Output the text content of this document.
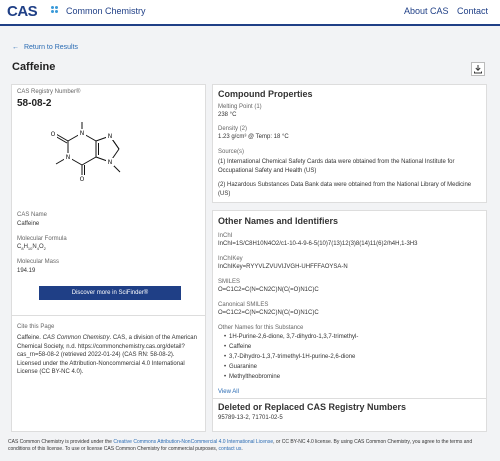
CAS	Common Chemistry	About CAS Contact
← Return to Results
Caffeine
CAS Registry Number®
58-08-2
O	N
N
N
N
O
CAS Name
Caffeine
Molecular Formula
$C_8H_{10}N_4O_2$
Molecular Mass
194.19
Discover more in SciFinder®
Cite this Page
Caffeine. CAS Common Chemistry. CAS, a division of the American Chemical Society, n.d. https://commonchemistry.cas.org/detail?cas_rn=58-08-2 (retrieved 2022-01-24) (CAS RN: 58-08-2). Licensed under the Attribution-Noncommercial 4.0 International License (CC BY-NC 4.0).
Compound Properties
Melting Point (1)
238 °C
Density (2)
1.23 g/cm³ @ Temp: 18 °C
Source(s)
(1) International Chemical Safety Cards data were obtained from the National Institute for Occupational Safety and Health (US)
(2) Hazardous Substances Data Bank data were obtained from the National Library of Medicine (US)
Other Names and Identifiers
InChI
InChI=1S/C8H10N4O2/c1-10-4-9-6-5(10)7(13)12(3)8(14)11(6)2/h4H,1-3H3
InChIKey
InChIKey=RYYVLZVUVIJVGH-UHFFFAOYSA-N
SMILES
O=C1C2=C(N=CN2C)N(C(=O)N1C)C
Canonical SMILES
O=C1C2=C(N=CN2C)N(C(=O)N1C)C
Other Names for this Substance
• 1H-Purine-2,6-dione, 3,7-dihydro-1,3,7-trimethyl-
• Caffeine
• 3,7-Dihydro-1,3,7-trimethyl-1H-purine-2,6-dione
• Guaranine
• Methyltheobromine
View All
Deleted or Replaced CAS Registry Numbers
95789-13-2, 71701-02-5
CAS Common Chemistry is provided under the Creative Commons Attribution-NonCommercial 4.0 International License, or CC BY-NC 4.0 license. By using CAS Common Chemistry, you agree to the terms and conditions of this license. To use or license CAS Common Chemistry for commercial purposes, contact us.
